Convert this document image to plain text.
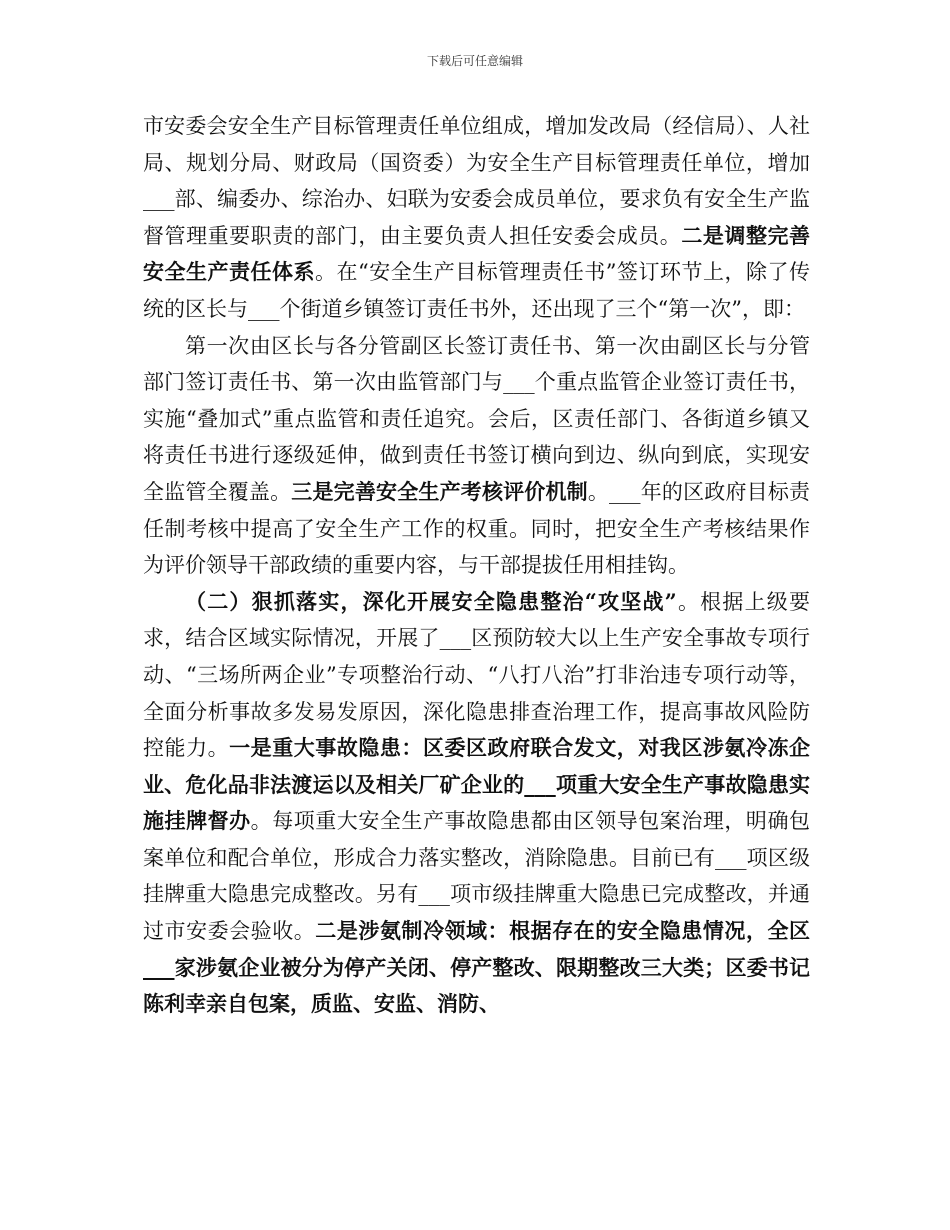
下载后可任意编辑

市安委会安全生产目标管理责任单位组成，增加发改局（经信局）、人社局、规划分局、财政局（国资委）为安全生产目标管理责任单位，增加___部、编委办、综治办、妇联为安委会成员单位，要求负有安全生产监督管理重要职责的部门，由主要负责人担任安委会成员。二是调整完善安全生产责任体系。在“安全生产目标管理责任书”签订环节上，除了传统的区长与___个街道乡镇签订责任书外，还出现了三个“第一次”，即：

第一次由区长与各分管副区长签订责任书、第一次由副区长与分管部门签订责任书、第一次由监管部门与___个重点监管企业签订责任书，实施“叠加式”重点监管和责任追究。会后，区责任部门、各街道乡镇又将责任书进行逐级延伸，做到责任书签订横向到边、纵向到底，实现安全监管全覆盖。三是完善安全生产考核评价机制。___年的区政府目标责任制考核中提高了安全生产工作的权重。同时，把安全生产考核结果作为评价领导干部政绩的重要内容，与干部提拔任用相挂钩。

（二）狠抓落实，深化开展安全隐患整治“攻坚战”。根据上级要求，结合区域实际情况，开展了___区预防较大以上生产安全事故专项行动、“三场所两企业”专项整治行动、“八打八治”打非治违专项行动等，全面分析事故多发易发原因，深化隐患排查治理工作，提高事故风险防控能力。一是重大事故隐患：区委区政府联合发文，对我区涉氨冷冻企业、危化品非法渡运以及相关厂矿企业的___项重大安全生产事故隐患实施挂牌督办。每项重大安全生产事故隐患都由区领导包案治理，明确包案单位和配合单位，形成合力落实整改，消除隐患。目前已有___项区级挂牌重大隐患完成整改。另有___项市级挂牌重大隐患已完成整改，并通过市安委会验收。二是涉氨制冷领域：根据存在的安全隐患情况，全区___家涉氨企业被分为停产关闭、停产整改、限期整改三大类；区委书记陈利幸亲自包案，质监、安监、消防、
